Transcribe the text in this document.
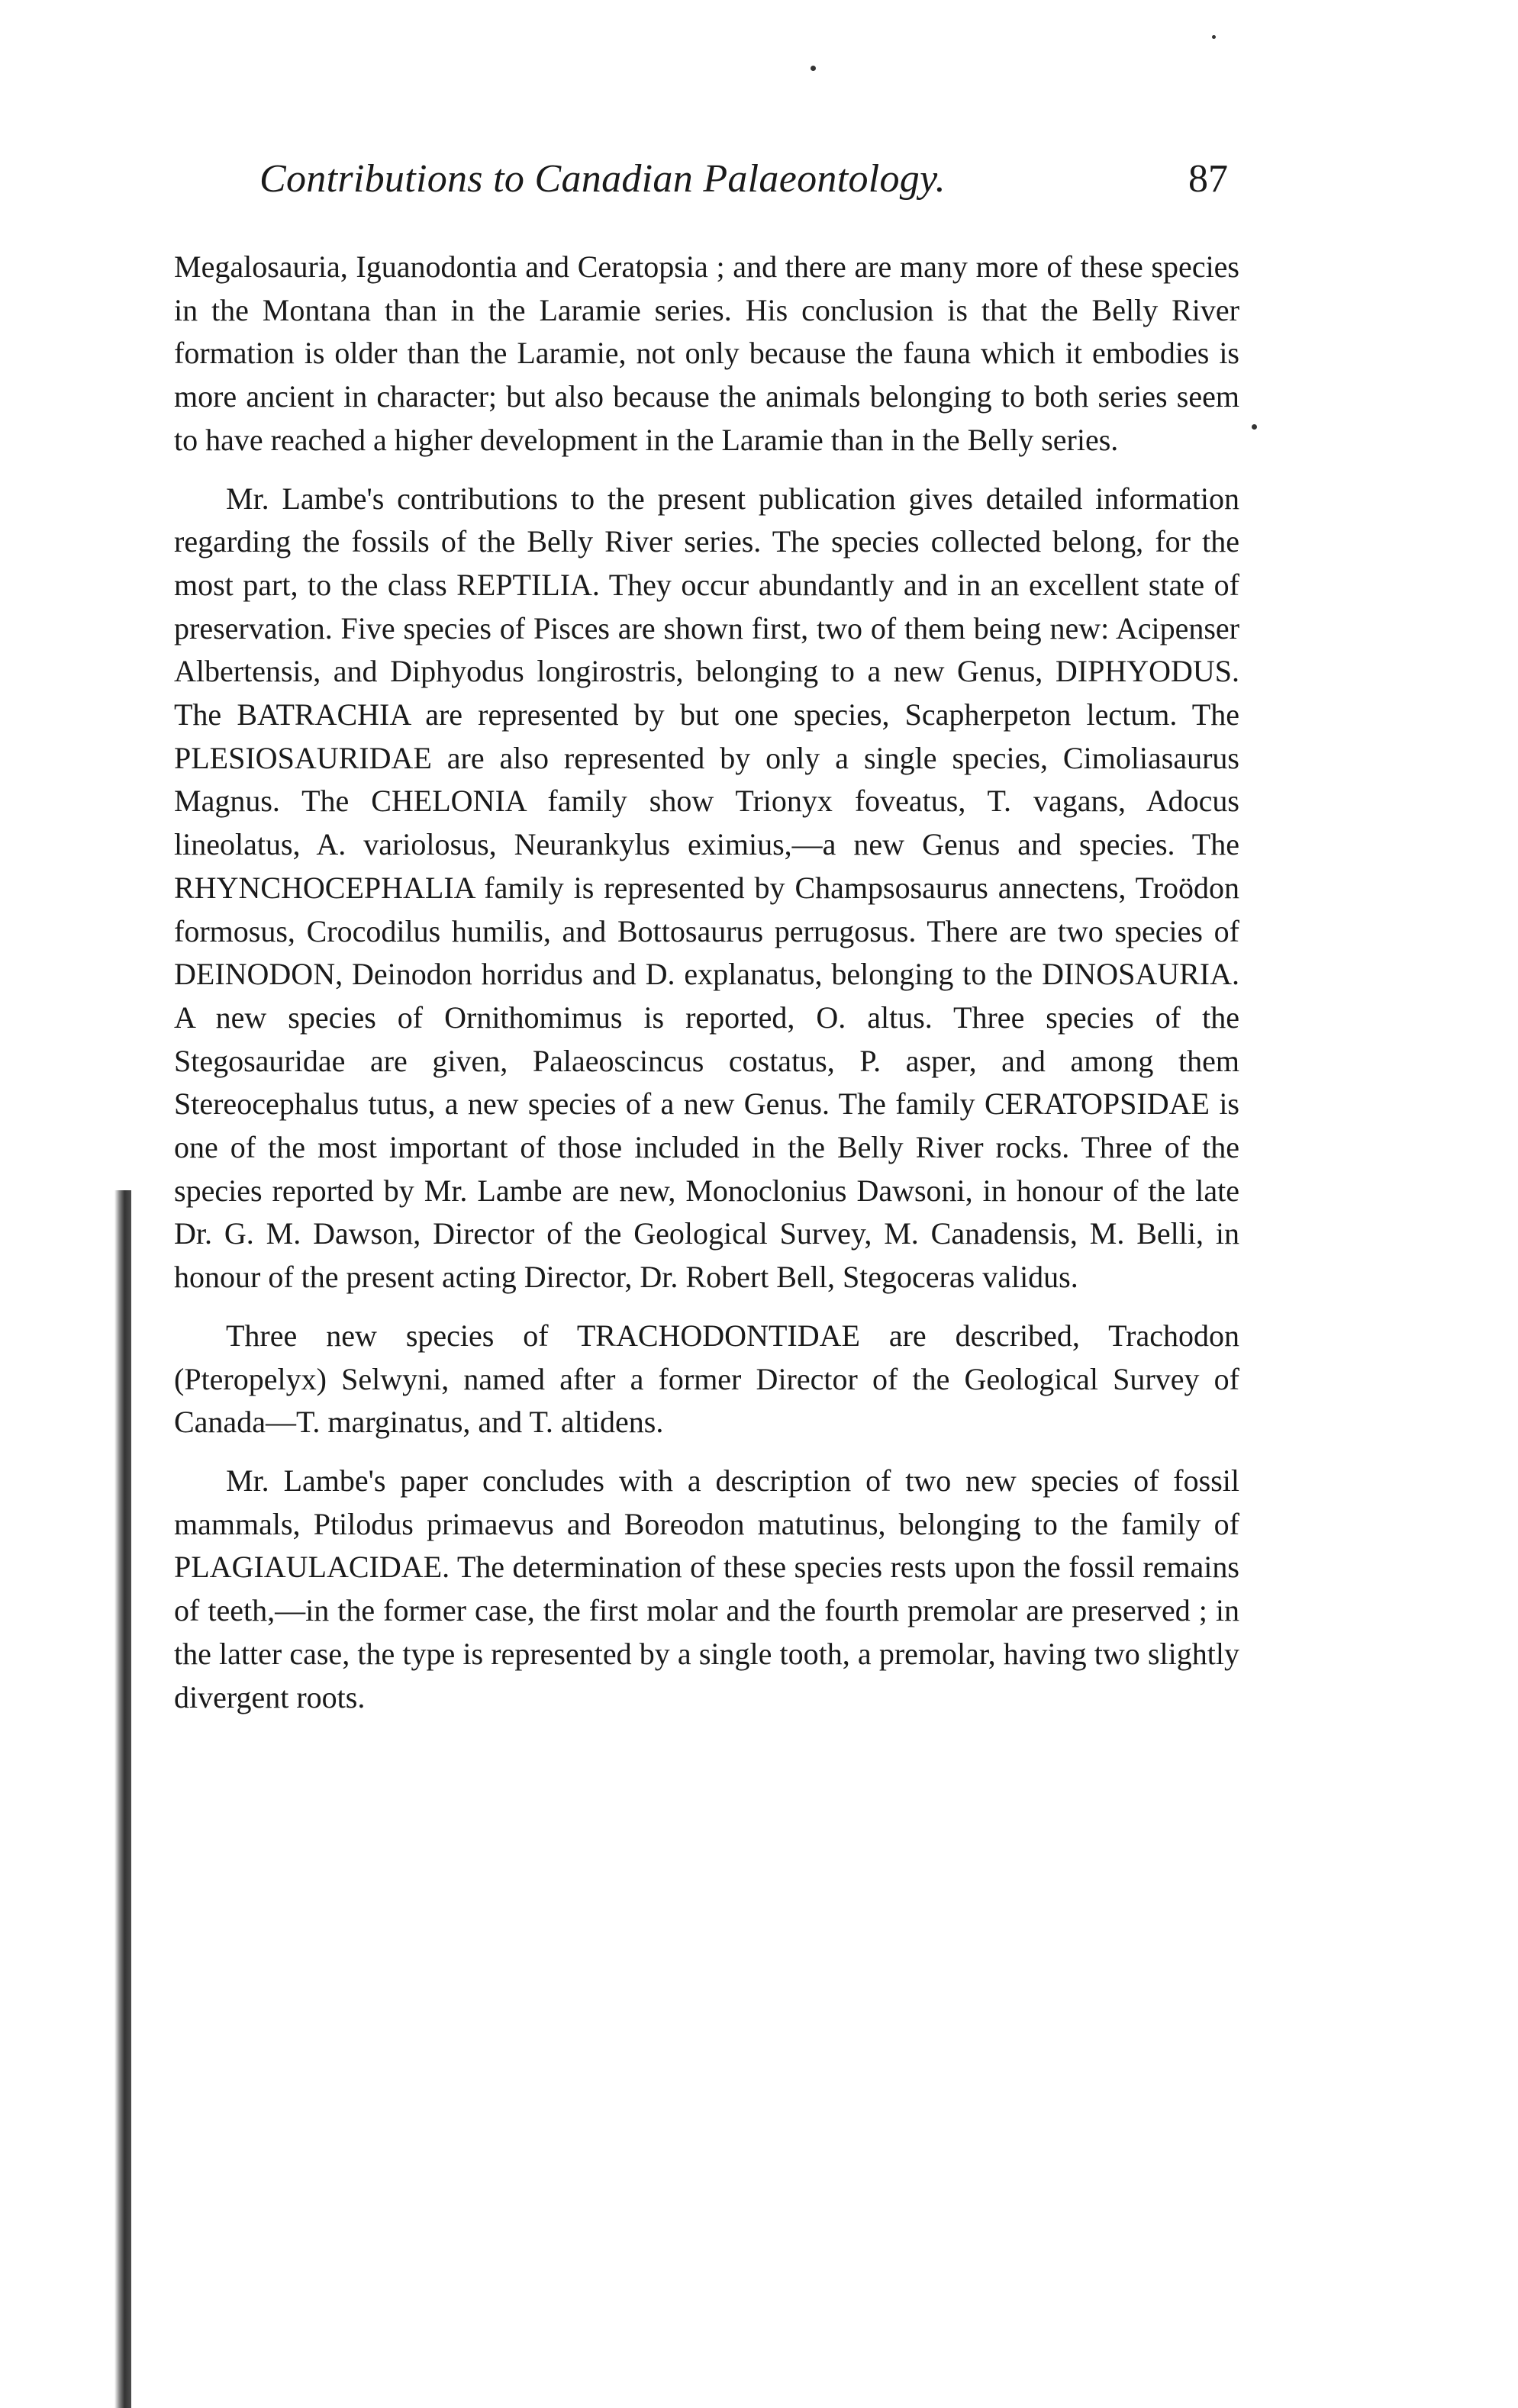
Contributions to Canadian Palaeontology.	87

Megalosauria, Iguanodontia and Ceratopsia ; and there are many more of these species in the Montana than in the Laramie series. His conclusion is that the Belly River formation is older than the Laramie, not only because the fauna which it embodies is more ancient in character; but also because the animals belonging to both series seem to have reached a higher development in the Laramie than in the Belly series.

Mr. Lambe's contributions to the present publication gives detailed information regarding the fossils of the Belly River series. The species collected belong, for the most part, to the class REPTILIA. They occur abundantly and in an excellent state of preservation. Five species of Pisces are shown first, two of them being new: Acipenser Albertensis, and Diphyodus longirostris, belonging to a new Genus, DIPHYODUS. The BATRACHIA are represented by but one species, Scapherpeton lectum. The PLESIOSAURIDAE are also represented by only a single species, Cimoliasaurus Magnus. The CHELONIA family show Trionyx foveatus, T. vagans, Adocus lineolatus, A. variolosus, Neurankylus eximius,—a new Genus and species. The RHYNCHOCEPHALIA family is represented by Champsosaurus annectens, Troödon formosus, Crocodilus humilis, and Bottosaurus perrugosus. There are two species of DEINODON, Deinodon horridus and D. explanatus, belonging to the DINOSAURIA. A new species of Ornithomimus is reported, O. altus. Three species of the Stegosauridae are given, Palaeoscincus costatus, P. asper, and among them Stereocephalus tutus, a new species of a new Genus. The family CERATOPSIDAE is one of the most important of those included in the Belly River rocks. Three of the species reported by Mr. Lambe are new, Monoclonius Dawsoni, in honour of the late Dr. G. M. Dawson, Director of the Geological Survey, M. Canadensis, M. Belli, in honour of the present acting Director, Dr. Robert Bell, Stegoceras validus.

Three new species of TRACHODONTIDAE are described, Trachodon (Pteropelyx) Selwyni, named after a former Director of the Geological Survey of Canada—T. marginatus, and T. altidens.

Mr. Lambe's paper concludes with a description of two new species of fossil mammals, Ptilodus primaevus and Boreodon matutinus, belonging to the family of PLAGIAULACIDAE. The determination of these species rests upon the fossil remains of teeth,—in the former case, the first molar and the fourth premolar are preserved ; in the latter case, the type is represented by a single tooth, a premolar, having two slightly divergent roots.
